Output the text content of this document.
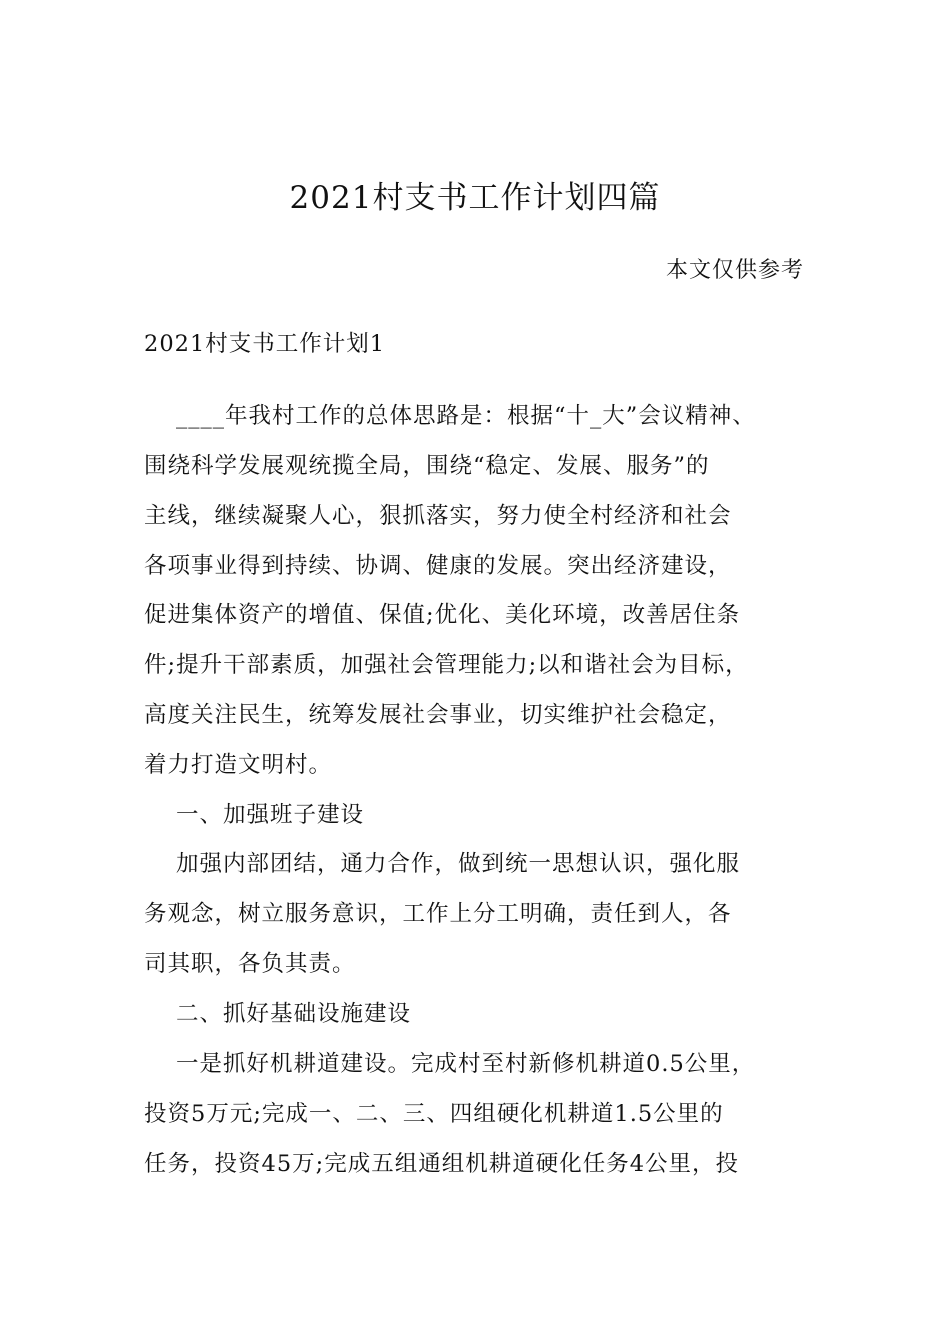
2021村支书工作计划四篇
本文仅供参考
2021村支书工作计划1
____年我村工作的总体思路是：根据“十_大”会议精神、
围绕科学发展观统揽全局，围绕“稳定、发展、服务”的
主线，继续凝聚人心，狠抓落实，努力使全村经济和社会
各项事业得到持续、协调、健康的发展。突出经济建设，
促进集体资产的增值、保值;优化、美化环境，改善居住条
件;提升干部素质，加强社会管理能力;以和谐社会为目标，
高度关注民生，统筹发展社会事业，切实维护社会稳定，
着力打造文明村。
一、加强班子建设
加强内部团结，通力合作，做到统一思想认识，强化服
务观念，树立服务意识，工作上分工明确，责任到人，各
司其职，各负其责。
二、抓好基础设施建设
一是抓好机耕道建设。完成村至村新修机耕道0.5公里，
投资5万元;完成一、二、三、四组硬化机耕道1.5公里的
任务，投资45万;完成五组通组机耕道硬化任务4公里，投
